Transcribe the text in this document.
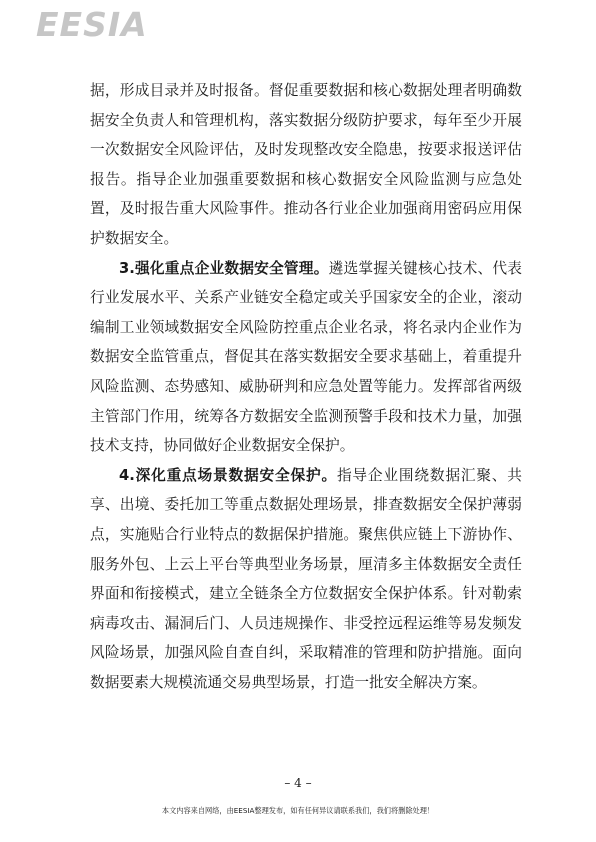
EESIA

据，形成目录并及时报备。督促重要数据和核心数据处理者明确数据安全负责人和管理机构，落实数据分级防护要求，每年至少开展一次数据安全风险评估，及时发现整改安全隐患，按要求报送评估报告。指导企业加强重要数据和核心数据安全风险监测与应急处置，及时报告重大风险事件。推动各行业企业加强商用密码应用保护数据安全。

3.强化重点企业数据安全管理。遴选掌握关键核心技术、代表行业发展水平、关系产业链安全稳定或关乎国家安全的企业，滚动编制工业领域数据安全风险防控重点企业名录，将名录内企业作为数据安全监管重点，督促其在落实数据安全要求基础上，着重提升风险监测、态势感知、威胁研判和应急处置等能力。发挥部省两级主管部门作用，统筹各方数据安全监测预警手段和技术力量，加强技术支持，协同做好企业数据安全保护。

4.深化重点场景数据安全保护。指导企业围绕数据汇聚、共享、出境、委托加工等重点数据处理场景，排查数据安全保护薄弱点，实施贴合行业特点的数据保护措施。聚焦供应链上下游协作、服务外包、上云上平台等典型业务场景，厘清多主体数据安全责任界面和衔接模式，建立全链条全方位数据安全保护体系。针对勒索病毒攻击、漏洞后门、人员违规操作、非受控远程运维等易发频发风险场景，加强风险自查自纠，采取精准的管理和防护措施。面向数据要素大规模流通交易典型场景，打造一批安全解决方案。

– 4 –
本文内容来自网络，由EESIA整理发布，如有任何异议请联系我们，我们将删除处理！
